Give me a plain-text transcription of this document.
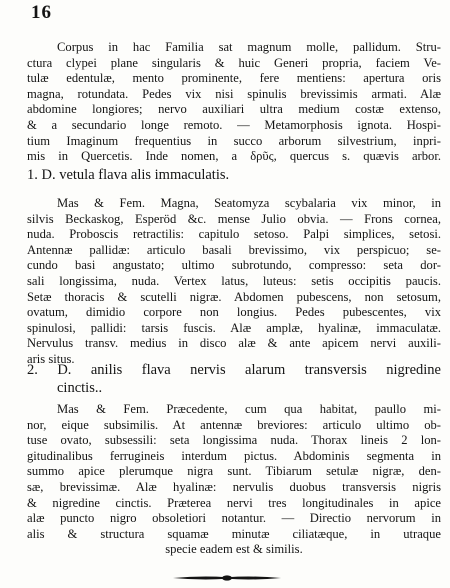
16
Corpus in hac Familia sat magnum molle, pallidum. Stru-
ctura clypei plane singularis & huic Generi propria, faciem Ve-
tulæ edentulæ, mento prominente, fere mentiens: apertura oris
magna, rotundata. Pedes vix nisi spinulis brevissimis armati. Alæ
abdomine longiores; nervo auxiliari ultra medium costæ extenso,
& a secundario longe remoto. — Metamorphosis ignota. Hospi-
tium Imaginum frequentius in succo arborum silvestrium, inpri-
mis in Quercetis. Inde nomen, a δρῦς, quercus s. quævis arbor.
1. D. vetula flava alis immaculatis.
Mas & Fem. Magna, Seatomyza scybalaria vix minor, in
silvis Beckaskog, Esperöd &c. mense Julio obvia. — Frons cornea,
nuda. Proboscis retractilis: capitulo setoso. Palpi simplices, setosi.
Antennæ pallidæ: articulo basali brevissimo, vix perspicuo; se-
cundo basi angustato; ultimo subrotundo, compresso: seta dor-
sali longissima, nuda. Vertex latus, luteus: setis occipitis paucis.
Setæ thoracis & scutelli nigræ. Abdomen pubescens, non setosum,
ovatum, dimidio corpore non longius. Pedes pubescentes, vix
spinulosi, pallidi: tarsis fuscis. Alæ amplæ, hyalinæ, immaculatæ.
Nervulus transv. medius in disco alæ & ante apicem nervi auxili-
aris situs.
2. D. anilis flava nervis alarum transversis nigredine
cinctis..
Mas & Fem. Præcedente, cum qua habitat, paullo mi-
nor, eique subsimilis. At antennæ breviores: articulo ultimo ob-
tuse ovato, subsessili: seta longissima nuda. Thorax lineis 2 lon-
gitudinalibus ferrugineis interdum pictus. Abdominis segmenta in
summo apice plerumque nigra sunt. Tibiarum setulæ nigræ, den-
sæ, brevissimæ. Alæ hyalinæ: nervulis duobus transversis nigris
& nigredine cinctis. Præterea nervi tres longitudinales in apice
alæ puncto nigro obsoletiori notantur. — Directio nervorum in
alis & structura squamæ minutæ ciliatæque, in utraque
specie eadem est & similis.
